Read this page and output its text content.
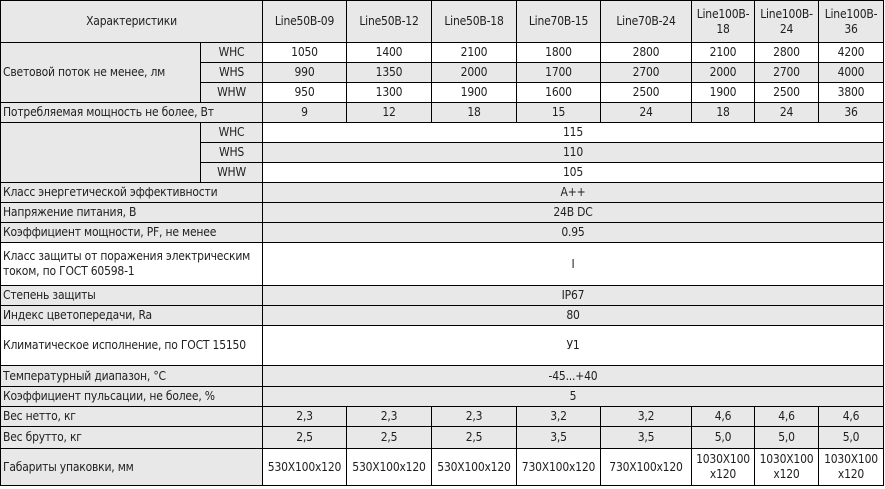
Характеристики		Line50B-09	Line50B-12	Line50B-18	Line70B-15	Line70B-24	Line100B-18	Line100B-24	Line100B-36
Световой поток не менее, лм	WHC	1050	1400	2100	1800	2800	2100	2800	4200
	WHS	990	1350	2000	1700	2700	2000	2700	4000
	WHW	950	1300	1900	1600	2500	1900	2500	3800
Потребляемая мощность не более, Вт		9	12	18	15	24	18	24	36
	WHC	115							
	WHS	110							
	WHW	105							
Класс энергетической эффективности		A++							
Напряжение питания, В		24В DC							
Коэффициент мощности, PF, не менее		0.95							
Класс защиты от поражения электрическим током, по ГОСТ 60598-1		I							
Степень защиты		IP67							
Индекс цветопередачи, Ra		80							
Климатическое исполнение, по ГОСТ 15150		У1							
Температурный диапазон, °С		-45...+40							
Коэффициент пульсации, не более, %		5							
Вес нетто, кг		2,3	2,3	2,3	3,2	3,2	4,6	4,6	4,6
Вес брутто, кг		2,5	2,5	2,5	3,5	3,5	5,0	5,0	5,0
Габариты упаковки, мм		530X100x120	530X100x120	530X100x120	730X100x120	730X100x120	1030X100 x120	1030X100 x120	1030X100 x120
